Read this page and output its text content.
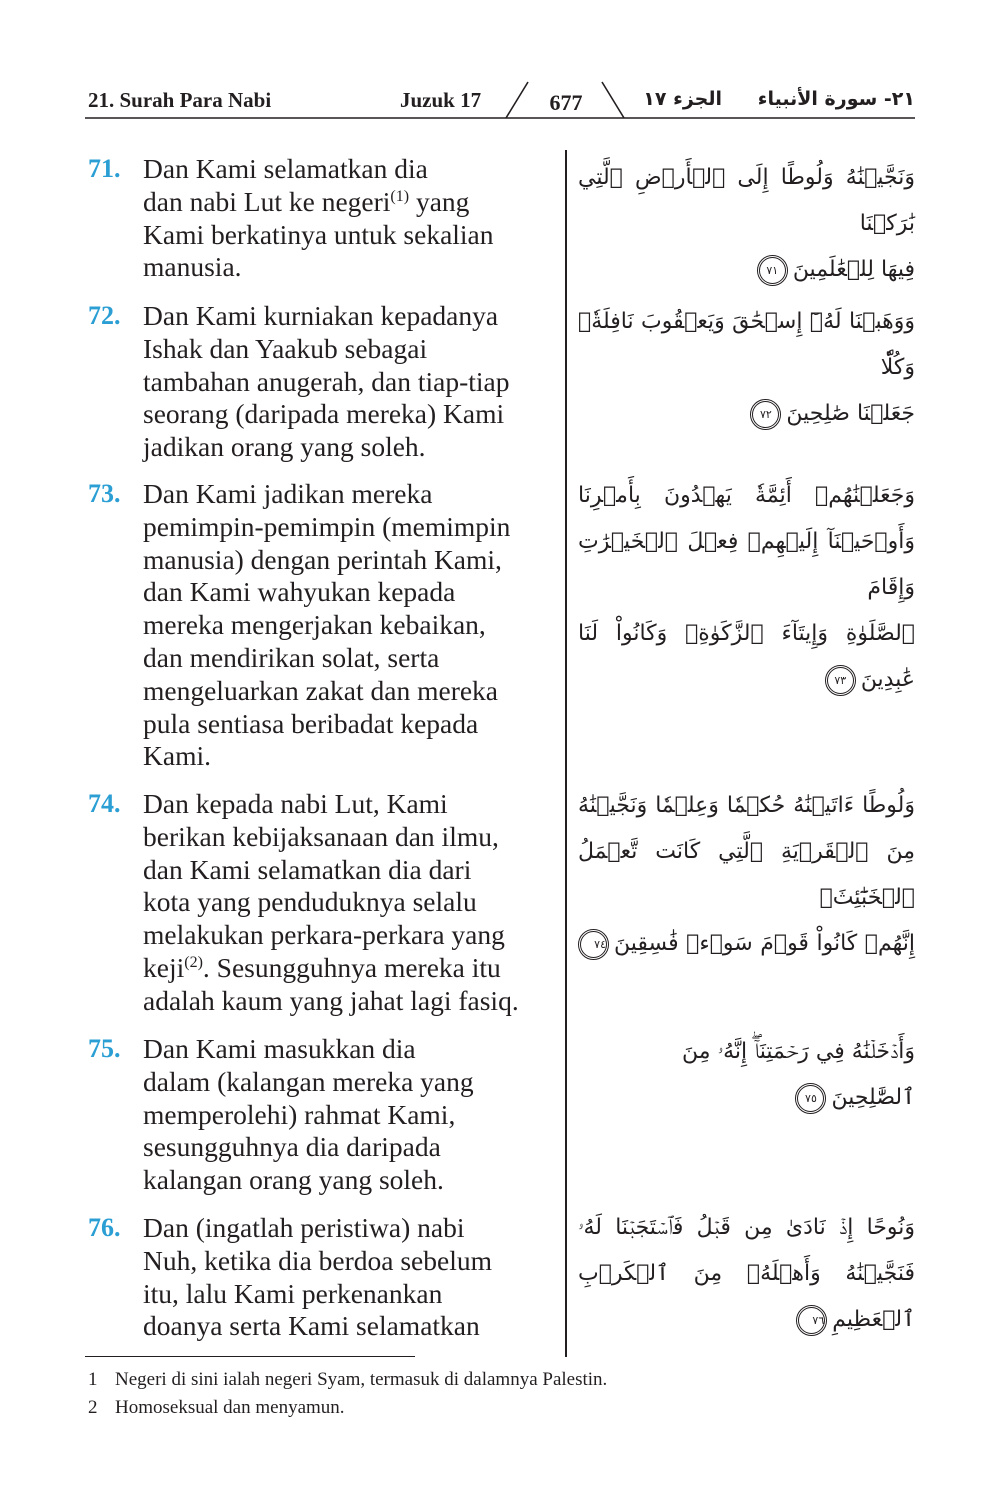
21. Surah Para Nabi	Juzuk 17	677	الجزء ١٧ ٢١- سورة الأنبياء
71. Dan Kami selamatkan dia
dan nabi Lut ke negeri$^{(1)}$ yang
Kami berkatinya untuk sekalian
manusia.
وَنَجَّيۡنَٰهُ وَلُوطًا إِلَى ٱلۡأَرۡضِ ٱلَّتِي بَٰرَكۡنَا
فِيهَا لِلۡعَٰلَمِينَ٧١
72. Dan Kami kurniakan kepadanya
Ishak dan Yaakub sebagai
tambahan anugerah, dan tiap-tiap
seorang (daripada mereka) Kami
jadikan orang yang soleh.
وَوَهَبۡنَا لَهُۥٓ إِسۡحَٰقَ وَيَعۡقُوبَ نَافِلَةٗۖ وَكُلّٗا
جَعَلۡنَا صَٰلِحِينَ٧٢
73. Dan Kami jadikan mereka
pemimpin-pemimpin (memimpin
manusia) dengan perintah Kami,
dan Kami wahyukan kepada
mereka mengerjakan kebaikan,
dan mendirikan solat, serta
mengeluarkan zakat dan mereka
pula sentiasa beribadat kepada
Kami.
وَجَعَلۡنَٰهُمۡ أَئِمَّةٗ يَهۡدُونَ بِأَمۡرِنَا
وَأَوۡحَيۡنَآ إِلَيۡهِمۡ فِعۡلَ ٱلۡخَيۡرَٰتِ وَإِقَامَ
ٱلصَّلَوٰةِ وَإِيتَآءَ ٱلزَّكَوٰةِۖ وَكَانُواْ لَنَا
عَٰبِدِينَ٧٣
74. Dan kepada nabi Lut, Kami
berikan kebijaksanaan dan ilmu,
dan Kami selamatkan dia dari
kota yang penduduknya selalu
melakukan perkara-perkara yang
keji$^{(2)}$. Sesungguhnya mereka itu
adalah kaum yang jahat lagi fasiq.
وَلُوطًا ءَاتَيۡنَٰهُ حُكۡمٗا وَعِلۡمٗا وَنَجَّيۡنَٰهُ
مِنَ ٱلۡقَرۡيَةِ ٱلَّتِي كَانَت تَّعۡمَلُ ٱلۡخَبَٰٓئِثَۚ
إِنَّهُمۡ كَانُواْ قَوۡمَ سَوۡءٖ فَٰسِقِينَ٧٤
75. Dan Kami masukkan dia
dalam (kalangan mereka yang
memperolehi) rahmat Kami,
sesungguhnya dia daripada
kalangan orang yang soleh.
وَأَدۡخَلۡنَٰهُ فِي رَحۡمَتِنَآۖ إِنَّهُۥ مِنَ
ٱلصَّٰلِحِينَ٧٥
76. Dan (ingatlah peristiwa) nabi
Nuh, ketika dia berdoa sebelum
itu, lalu Kami perkenankan
doanya serta Kami selamatkan
وَنُوحًا إِذۡ نَادَىٰ مِن قَبۡلُ فَٱسۡتَجَبۡنَا لَهُۥ
فَنَجَّيۡنَٰهُ وَأَهۡلَهُۥ مِنَ ٱلۡكَرۡبِ ٱلۡعَظِيمِ٧٦
1 Negeri di sini ialah negeri Syam, termasuk di dalamnya Palestin.
2 Homoseksual dan menyamun.
